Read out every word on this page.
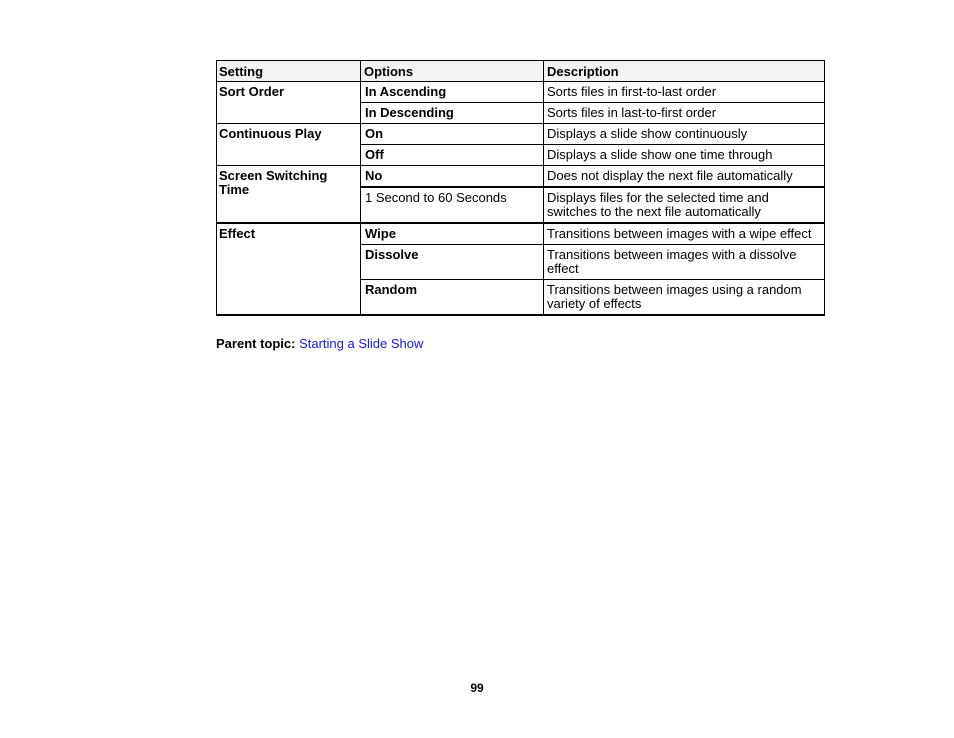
Setting	Options	Description
Sort Order	In Ascending	Sorts files in first-to-last order
	In Descending	Sorts files in last-to-first order
Continuous Play	On	Displays a slide show continuously
	Off	Displays a slide show one time through
Screen Switching Time	No	Does not display the next file automatically
	1 Second to 60 Seconds	Displays files for the selected time and switches to the next file automatically
Effect	Wipe	Transitions between images with a wipe effect
	Dissolve	Transitions between images with a dissolve effect
	Random	Transitions between images using a random variety of effects
Parent topic: Starting a Slide Show
99
